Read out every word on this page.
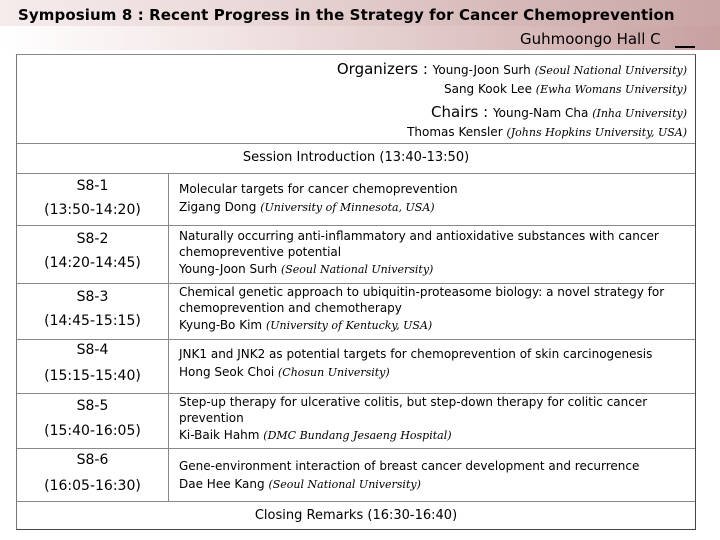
Symposium 8 : Recent Progress in the Strategy for Cancer Chemoprevention
Guhmoongo Hall C
Organizers : Young-Joon Surh (Seoul National University)
Sang Kook Lee (Ewha Womans University)
Chairs : Young-Nam Cha (Inha University)
Thomas Kensler (Johns Hopkins University, USA)
Session Introduction (13:40-13:50)
S8-1
(13:50-14:20)
Molecular targets for cancer chemoprevention
Zigang Dong (University of Minnesota, USA)
S8-2
(14:20-14:45)
Naturally occurring anti-inflammatory and antioxidative substances with cancer
chemopreventive potential
Young-Joon Surh (Seoul National University)
S8-3
(14:45-15:15)
Chemical genetic approach to ubiquitin-proteasome biology: a novel strategy for
chemoprevention and chemotherapy
Kyung-Bo Kim (University of Kentucky, USA)
S8-4
(15:15-15:40)
JNK1 and JNK2 as potential targets for chemoprevention of skin carcinogenesis
Hong Seok Choi (Chosun University)
S8-5
(15:40-16:05)
Step-up therapy for ulcerative colitis, but step-down therapy for colitic cancer
prevention
Ki-Baik Hahm (DMC Bundang Jesaeng Hospital)
S8-6
(16:05-16:30)
Gene-environment interaction of breast cancer development and recurrence
Dae Hee Kang (Seoul National University)
Closing Remarks (16:30-16:40)
